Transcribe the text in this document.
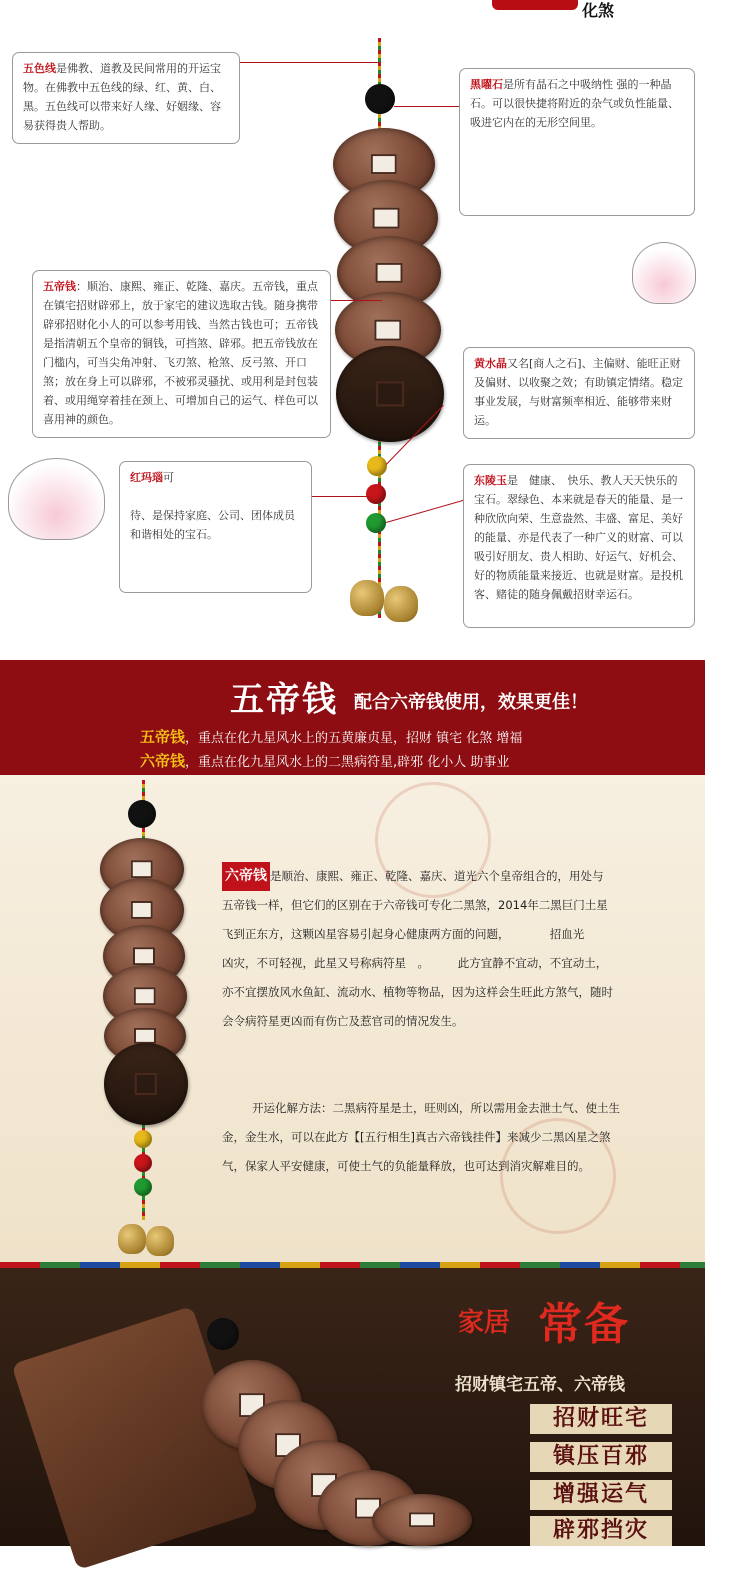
化煞
五色线是佛教、道教及民间常用的开运宝物。在佛教中五色线的绿、红、黄、白、黑。五色线可以带来好人缘、好姻缘、容易获得贵人帮助。
黑曜石是所有晶石之中吸纳性 强的一种晶石。可以很快捷将附近的杂气或负性能量、吸进它内在的无形空间里。
五帝钱：顺治、康熙、雍正、乾隆、嘉庆。五帝钱，重点在镇宅招财辟邪上，放于家宅的建议选取古钱。随身携带辟邪招财化小人的可以参考用钱、当然古钱也可；五帝钱是指清朝五个皇帝的铜钱，可挡煞、辟邪。把五帝钱放在门槛内，可当尖角冲射、飞刃煞、枪煞、反弓煞、开口煞；放在身上可以辟邪，不被邪灵骚扰、或用利是封包装着、或用绳穿着挂在颈上、可增加自己的运气、样色可以喜用神的颜色。
黄水晶又名[商人之石]、主偏财、能旺正财及偏财、以收聚之效；有助镇定情绪。稳定事业发展，与财富频率相近、能够带来财运。
红玛瑙可

待、是保持家庭、公司、团体成员和谐相处的宝石。
东陵玉是　健康、　快乐、教人天天快乐的宝石。翠绿色、本来就是春天的能量、是一种欣欣向荣、生意盎然、丰盛、富足、美好的能量、亦是代表了一种广义的财富、可以吸引好朋友、贵人相助、好运气、好机会、好的物质能量来接近、也就是财富。是投机客、赌徒的随身佩戴招财幸运石。
五帝钱 配合六帝钱使用，效果更佳！
五帝钱，重点在化九星风水上的五黄廉贞星，招财 镇宅 化煞 增福
六帝钱，重点在化九星风水上的二黑病符星,辟邪 化小人 助事业
六帝钱 是顺治、康熙、雍正、乾隆、嘉庆、道光六个皇帝组合的，用处与
五帝钱一样，但它们的区别在于六帝钱可专化二黑煞，2014年二黑巨门土星
飞到正东方，这颗凶星容易引起身心健康两方面的问题，　　　　招血光
凶灾，不可轻视，此星又号称病符星　。　　　此方宜静不宜动，不宜动土，
亦不宜摆放风水鱼缸、流动水、植物等物品，因为这样会生旺此方煞气，随时
会令病符星更凶而有伤亡及惹官司的情况发生。
开运化解方法：二黑病符星是土，旺则凶，所以需用金去泄土气、使土生
金，金生水，可以在此方【[五行相生]真古六帝钱挂件】来减少二黑凶星之煞
气，保家人平安健康，可使土气的负能量释放，也可达到消灾解难目的。
家居 常备
招财镇宅五帝、六帝钱
招财旺宅
镇压百邪
增强运气
辟邪挡灾
